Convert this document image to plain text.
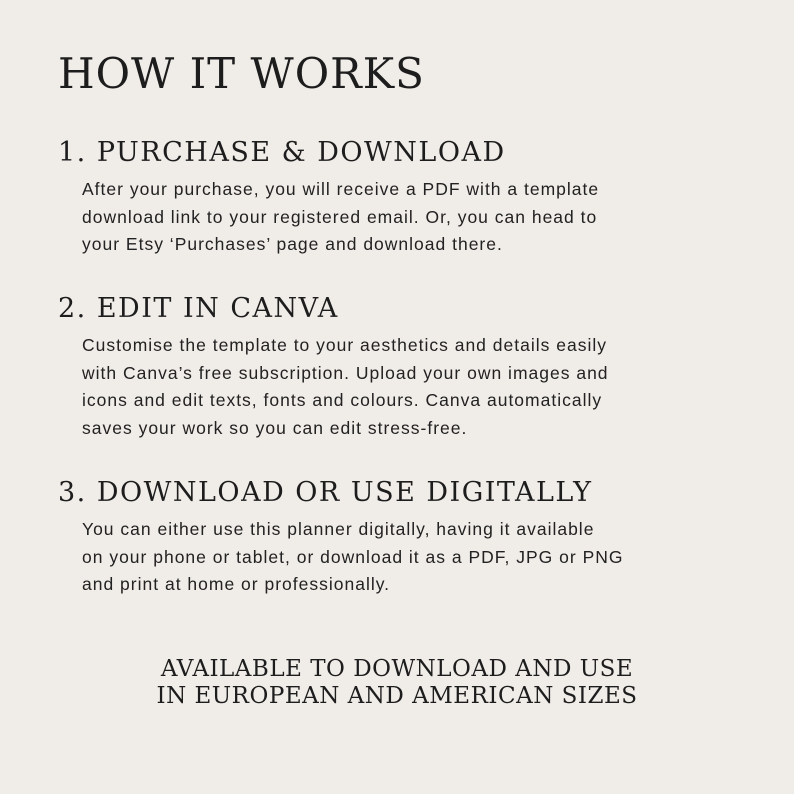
HOW IT WORKS
1. PURCHASE & DOWNLOAD

After your purchase, you will receive a PDF with a template
download link to your registered email. Or, you can head to
your Etsy ‘Purchases’ page and download there.

2. EDIT IN CANVA

Customise the template to your aesthetics and details easily
with Canva’s free subscription. Upload your own images and
icons and edit texts, fonts and colours. Canva automatically
saves your work so you can edit stress-free.

3. DOWNLOAD OR USE DIGITALLY

You can either use this planner digitally, having it available
on your phone or tablet, or download it as a PDF, JPG or PNG
and print at home or professionally.

AVAILABLE TO DOWNLOAD AND USE
IN EUROPEAN AND AMERICAN SIZES
